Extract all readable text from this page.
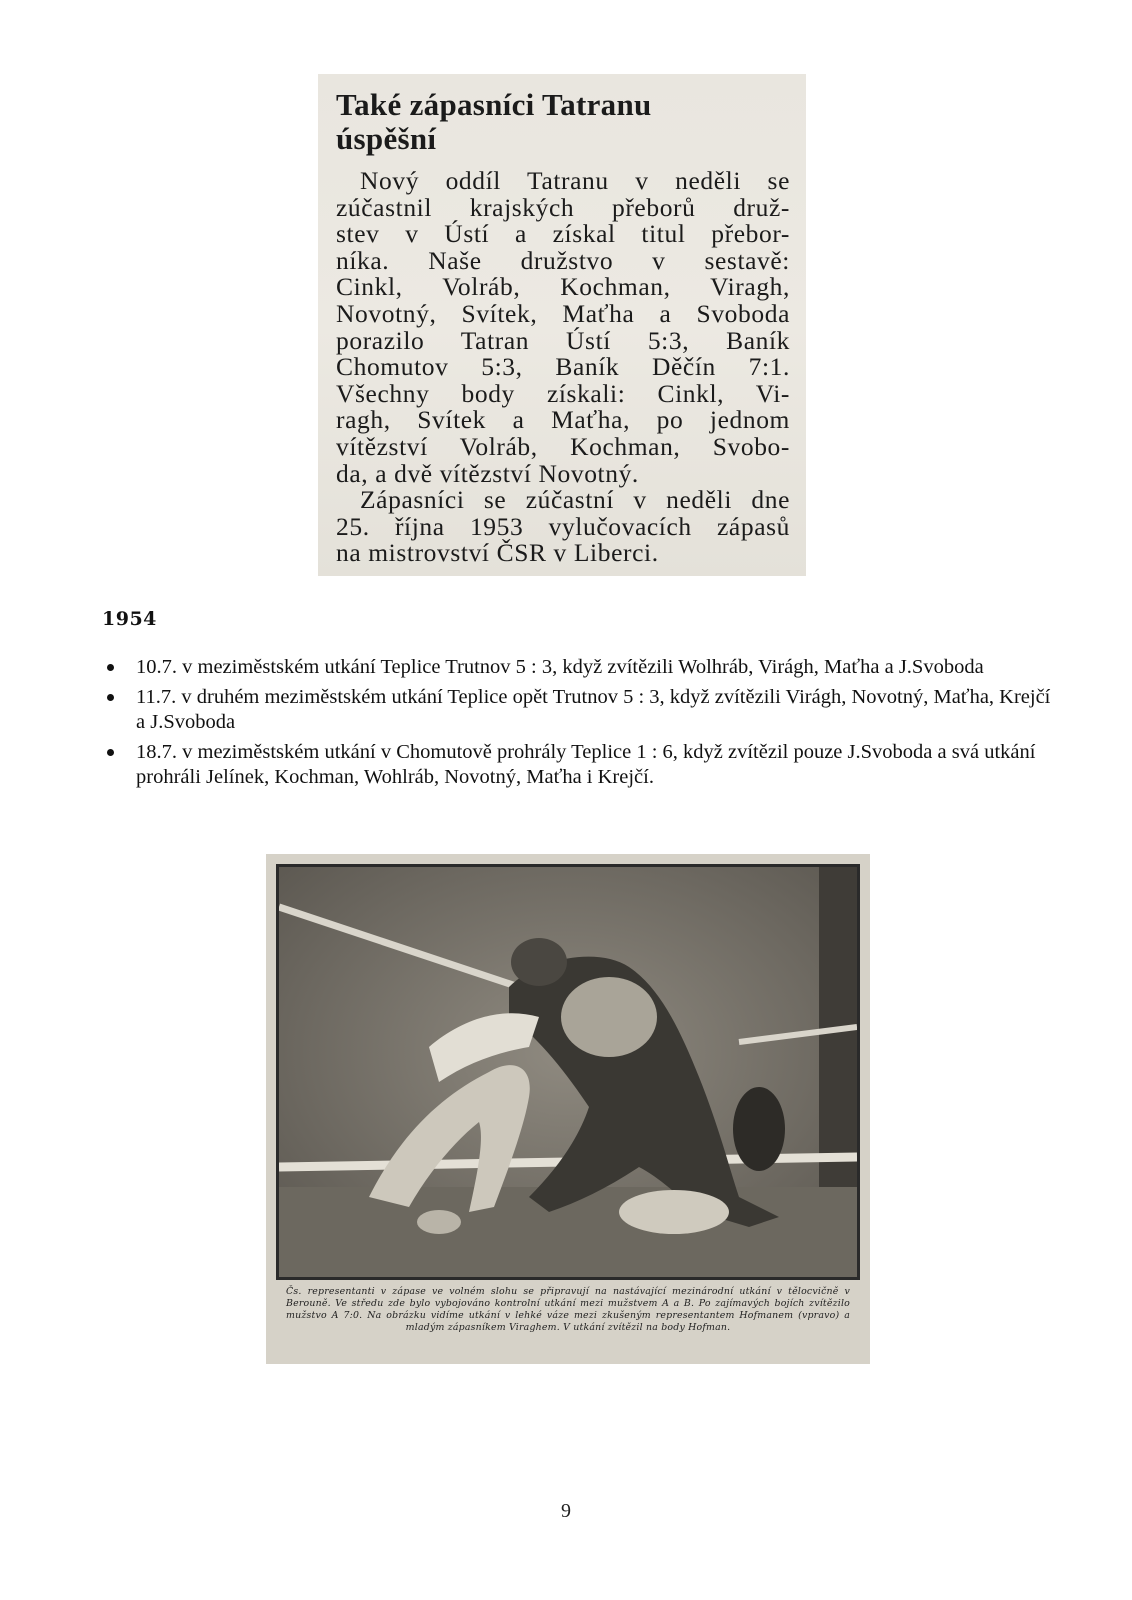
Také zápasníci Tatranu
úspěšní

Nový oddíl Tatranu v neděli se
zúčastnil krajských přeborů druž-
stev v Ústí a získal titul přebor-
níka. Naše družstvo v sestavě:
Cinkl, Volráb, Kochman, Viragh,
Novotný, Svítek, Maťha a Svoboda
porazilo Tatran Ústí 5:3, Baník
Chomutov 5:3, Baník Děčín 7:1.
Všechny body získali: Cinkl, Vi-
ragh, Svítek a Maťha, po jednom
vítězství Volráb, Kochman, Svobo-
da, a dvě vítězství Novotný.
Zápasníci se zúčastní v neděli dne
25. října 1953 vylučovacích zápasů
na mistrovství ČSR v Liberci.

1954
10.7. v meziměstském utkání Teplice Trutnov 5 : 3, když zvítězili Wolhráb, Virágh, Maťha a J.Svoboda
11.7. v druhém meziměstském utkání Teplice opět Trutnov 5 : 3, když zvítězili Virágh, Novotný, Maťha, Krejčí a J.Svoboda
18.7. v meziměstském utkání v Chomutově prohrály Teplice 1 : 6, když zvítězil pouze J.Svoboda a svá utkání prohráli Jelínek, Kochman, Wohlráb, Novotný, Maťha i Krejčí.

Čs. representanti v zápase ve volném slohu se připravují na nastávající mezinárodní utkání v tělocvičně v Berouně. Ve středu zde bylo vybojováno kontrolní utkání mezi mužstvem A a B. Po zajímavých bojích zvítězilo mužstvo A 7:0. Na obrázku vidíme utkání v lehké váze mezi zkušeným representantem Hofmanem (vpravo) a mladým zápasníkem Viraghem. V utkání zvítězil na body Hofman.

9
